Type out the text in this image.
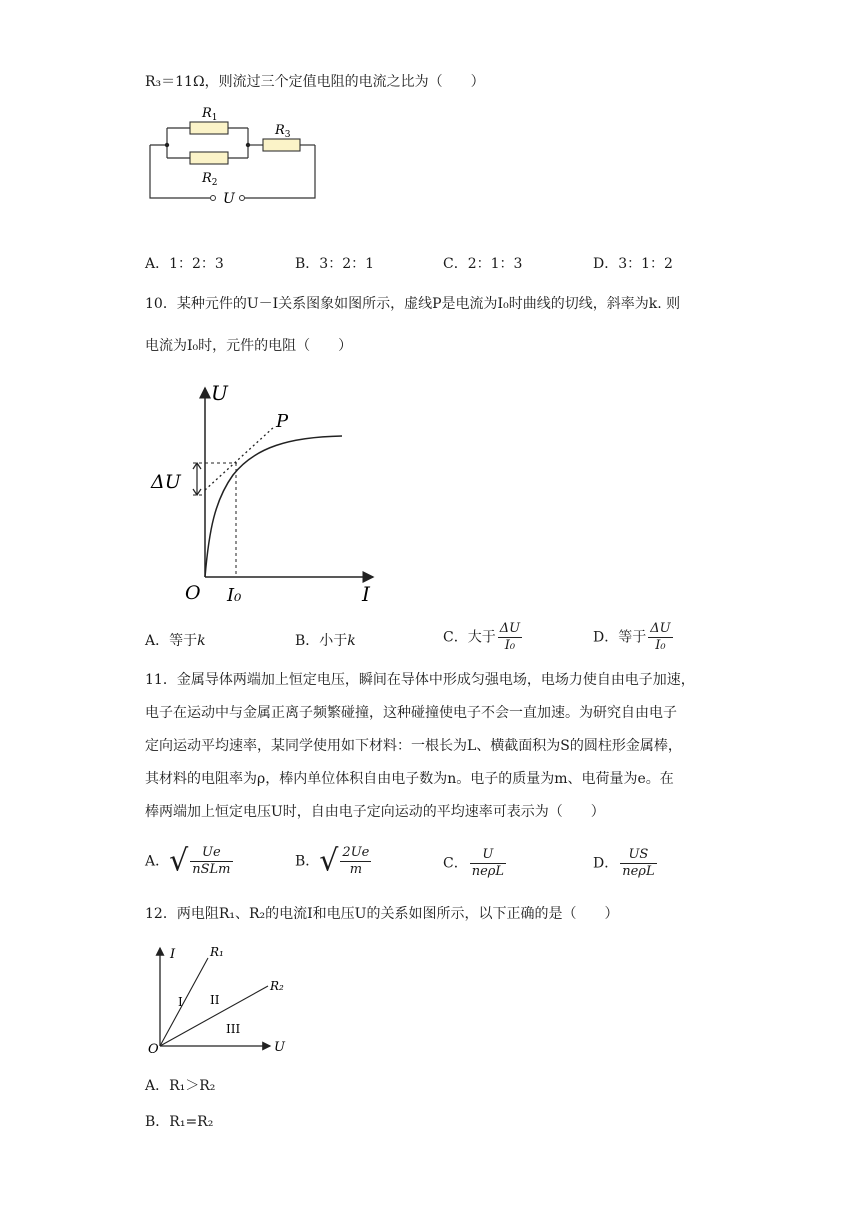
R₃＝11Ω，则流过三个定值电阻的电流之比为（　　）
$R_1$
$R_2$
$R_3$
U
A．1：2：3	B．3：2：1	C．2：1：3	D．3：1：2
10．某种元件的U－I关系图象如图所示，虚线P是电流为I₀时曲线的切线，斜率为k. 则
电流为I₀时，元件的电阻（　　）
U
I
O I₀
P
ΔU
A．等于k	B．小于k	C．大于 $\frac{\Delta U}{\text{I₀}}$	D．等于 $\frac{\Delta U}{\text{I₀}}$
11．金属导体两端加上恒定电压，瞬间在导体中形成匀强电场，电场力使自由电子加速，
电子在运动中与金属正离子频繁碰撞，这种碰撞使电子不会一直加速。为研究自由电子
定向运动平均速率，某同学使用如下材料：一根长为L、横截面积为S的圆柱形金属棒，
其材料的电阻率为ρ，棒内单位体积自由电子数为n。电子的质量为m、电荷量为e。在
棒两端加上恒定电压U时，自由电子定向运动的平均速率可表示为（　　）
A．√ $\frac{Ue}{\text{nSLm}}$	B．√ $\frac{2Ue}{m}$	C． $\frac{U}{\text{neρL}}$	D． $\frac{US}{\text{neρL}}$
12．两电阻R₁、R₂的电流I和电压U的关系如图所示，以下正确的是（　　）
I
U
O
R₁
R₂
I II
III
A．R₁＞R₂
B．R₁=R₂
